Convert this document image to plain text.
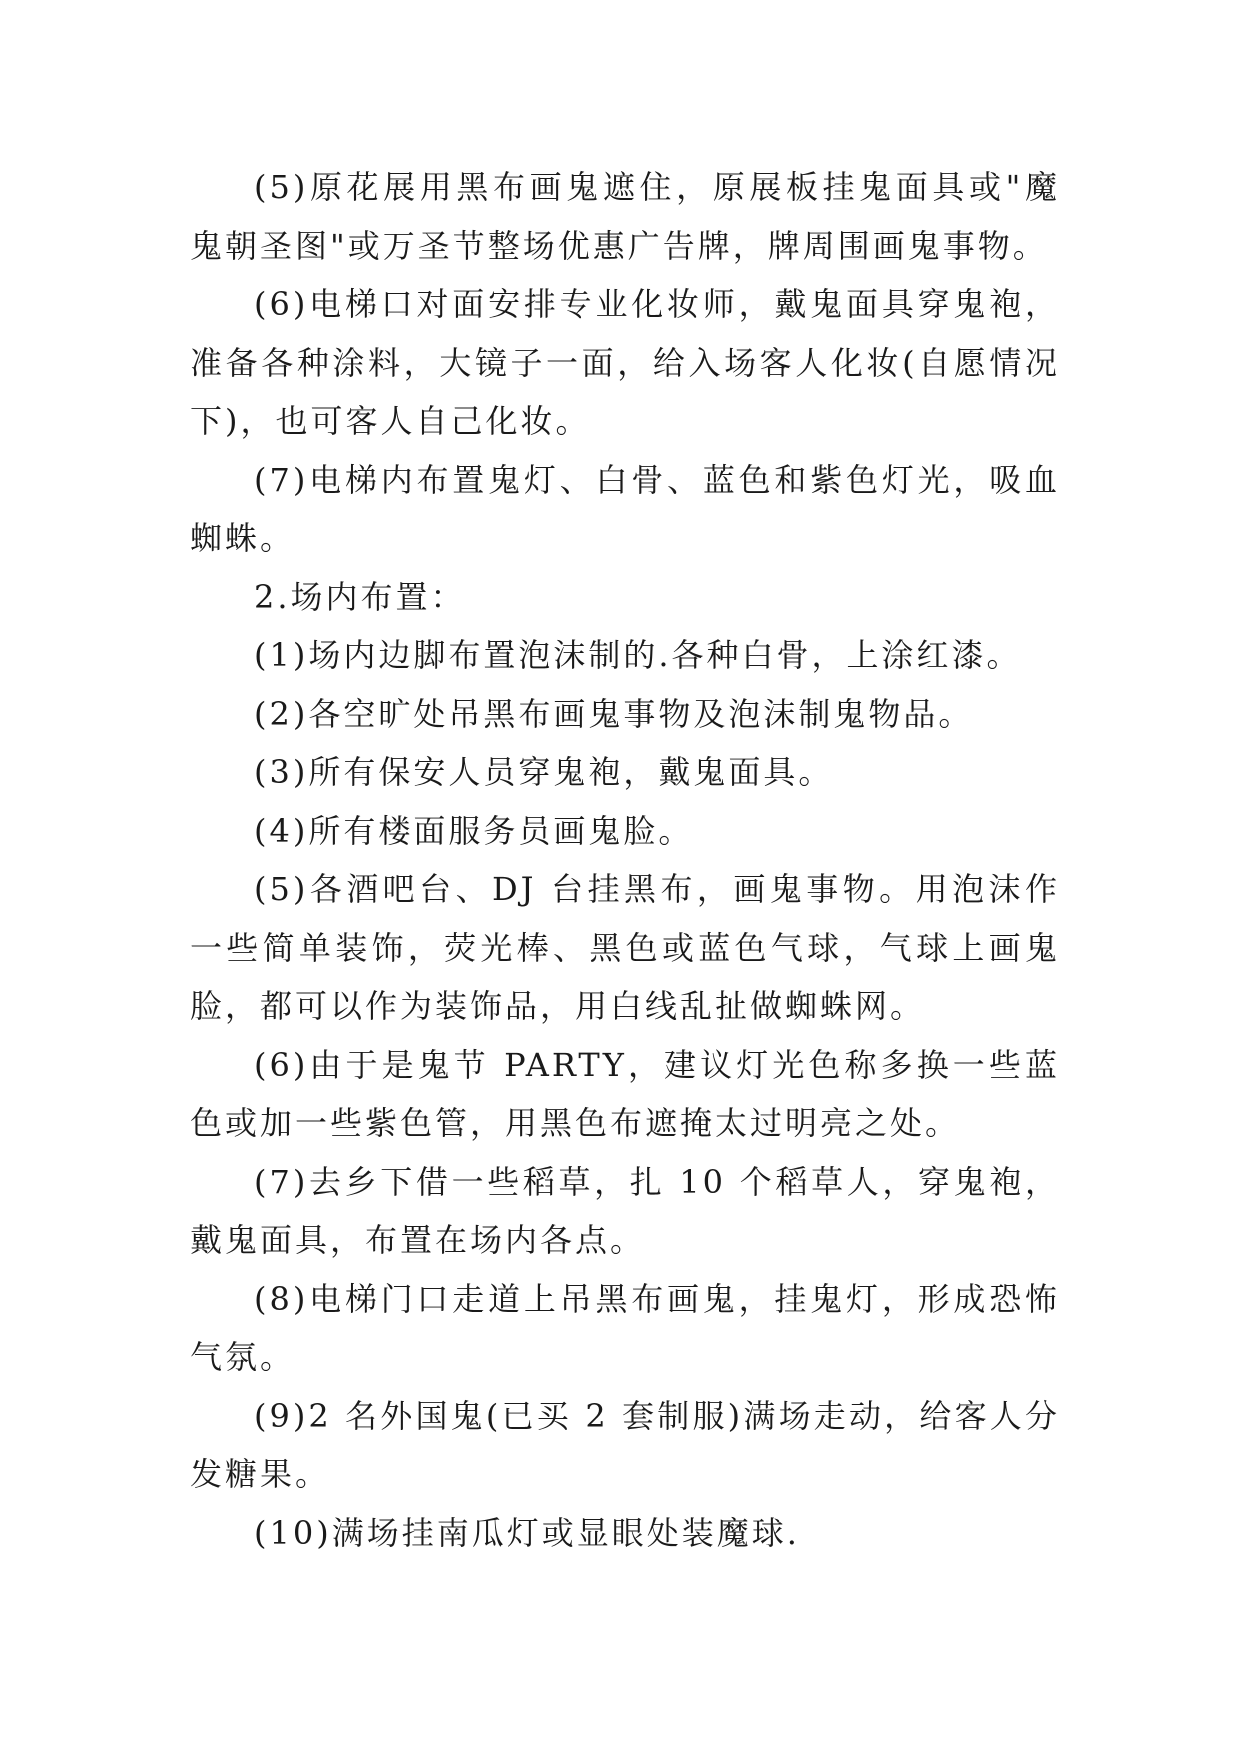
(5)原花展用黑布画鬼遮住，原展板挂鬼面具或"魔鬼朝圣图"或万圣节整场优惠广告牌，牌周围画鬼事物。

(6)电梯口对面安排专业化妆师，戴鬼面具穿鬼袍，准备各种涂料，大镜子一面，给入场客人化妆(自愿情况下)，也可客人自己化妆。

(7)电梯内布置鬼灯、白骨、蓝色和紫色灯光，吸血蜘蛛。

2.场内布置：

(1)场内边脚布置泡沫制的.各种白骨，上涂红漆。

(2)各空旷处吊黑布画鬼事物及泡沫制鬼物品。

(3)所有保安人员穿鬼袍，戴鬼面具。

(4)所有楼面服务员画鬼脸。

(5)各酒吧台、DJ 台挂黑布，画鬼事物。用泡沫作一些简单装饰，荧光棒、黑色或蓝色气球，气球上画鬼脸，都可以作为装饰品，用白线乱扯做蜘蛛网。

(6)由于是鬼节 PARTY，建议灯光色称多换一些蓝色或加一些紫色管，用黑色布遮掩太过明亮之处。

(7)去乡下借一些稻草，扎 10 个稻草人，穿鬼袍，戴鬼面具，布置在场内各点。

(8)电梯门口走道上吊黑布画鬼，挂鬼灯，形成恐怖气氛。

(9)2 名外国鬼(已买 2 套制服)满场走动，给客人分发糖果。

(10)满场挂南瓜灯或显眼处装魔球.
